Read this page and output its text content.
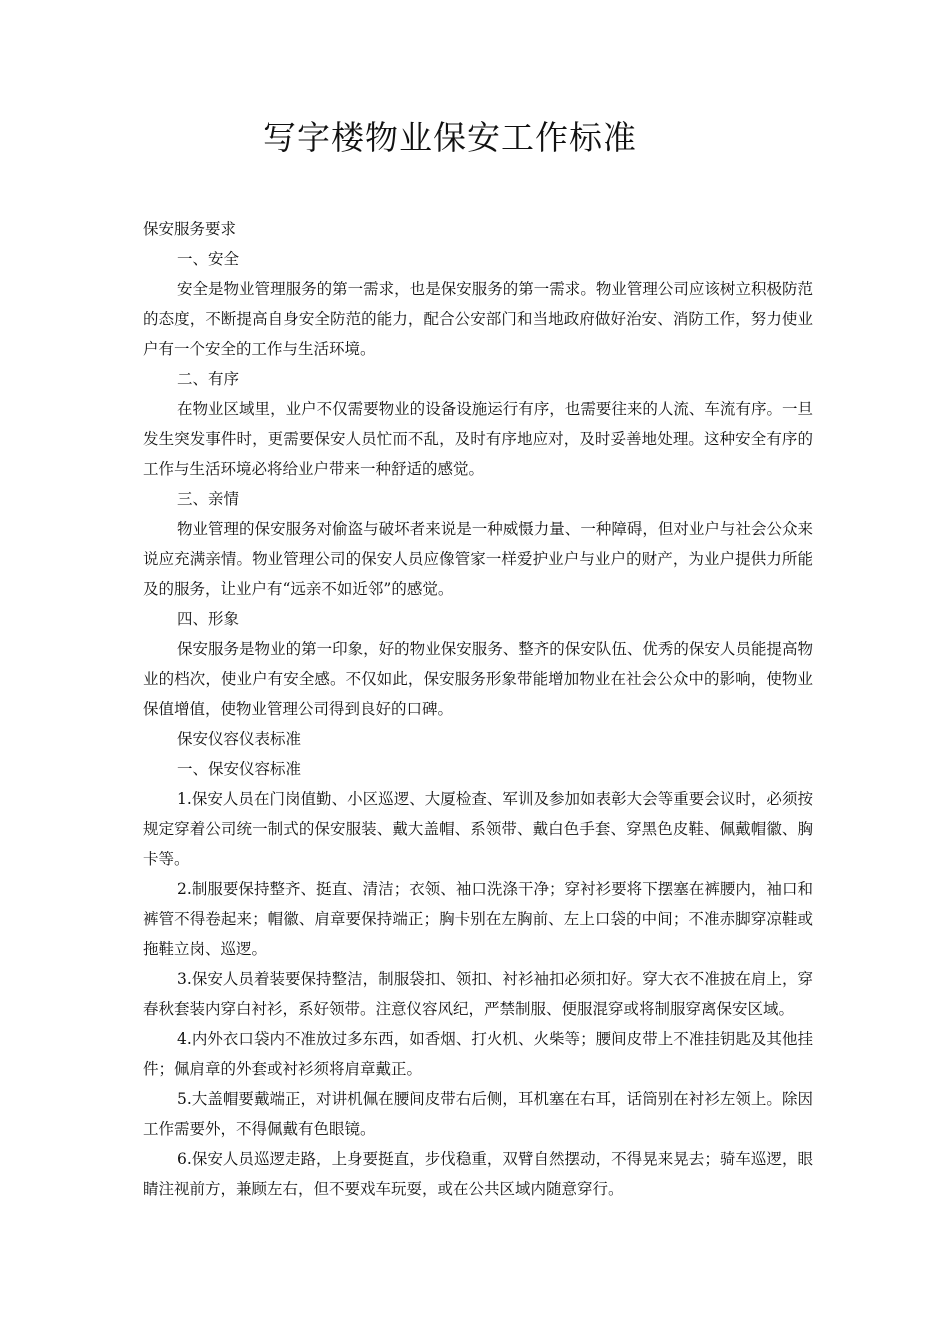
写字楼物业保安工作标准

保安服务要求

一、安全

安全是物业管理服务的第一需求，也是保安服务的第一需求。物业管理公司应该树立积极防范的态度，不断提高自身安全防范的能力，配合公安部门和当地政府做好治安、消防工作，努力使业户有一个安全的工作与生活环境。

二、有序

在物业区域里，业户不仅需要物业的设备设施运行有序，也需要往来的人流、车流有序。一旦发生突发事件时，更需要保安人员忙而不乱，及时有序地应对，及时妥善地处理。这种安全有序的工作与生活环境必将给业户带来一种舒适的感觉。

三、亲情

物业管理的保安服务对偷盗与破坏者来说是一种威慑力量、一种障碍，但对业户与社会公众来说应充满亲情。物业管理公司的保安人员应像管家一样爱护业户与业户的财产，为业户提供力所能及的服务，让业户有“远亲不如近邻”的感觉。

四、形象

保安服务是物业的第一印象，好的物业保安服务、整齐的保安队伍、优秀的保安人员能提高物业的档次，使业户有安全感。不仅如此，保安服务形象带能增加物业在社会公众中的影响，使物业保值增值，使物业管理公司得到良好的口碑。

保安仪容仪表标准

一、保安仪容标准

1.保安人员在门岗值勤、小区巡逻、大厦检查、军训及参加如表彰大会等重要会议时，必须按规定穿着公司统一制式的保安服装、戴大盖帽、系领带、戴白色手套、穿黑色皮鞋、佩戴帽徽、胸卡等。

2.制服要保持整齐、挺直、清洁；衣领、袖口洗涤干净；穿衬衫要将下摆塞在裤腰内，袖口和裤管不得卷起来；帽徽、肩章要保持端正；胸卡别在左胸前、左上口袋的中间；不准赤脚穿凉鞋或拖鞋立岗、巡逻。

3.保安人员着装要保持整洁，制服袋扣、领扣、衬衫袖扣必须扣好。穿大衣不准披在肩上，穿春秋套装内穿白衬衫，系好领带。注意仪容风纪，严禁制服、便服混穿或将制服穿离保安区域。

4.内外衣口袋内不准放过多东西，如香烟、打火机、火柴等；腰间皮带上不准挂钥匙及其他挂件；佩肩章的外套或衬衫须将肩章戴正。

5.大盖帽要戴端正，对讲机佩在腰间皮带右后侧，耳机塞在右耳，话筒别在衬衫左领上。除因工作需要外，不得佩戴有色眼镜。

6.保安人员巡逻走路，上身要挺直，步伐稳重，双臂自然摆动，不得晃来晃去；骑车巡逻，眼睛注视前方，兼顾左右，但不要戏车玩耍，或在公共区域内随意穿行。
